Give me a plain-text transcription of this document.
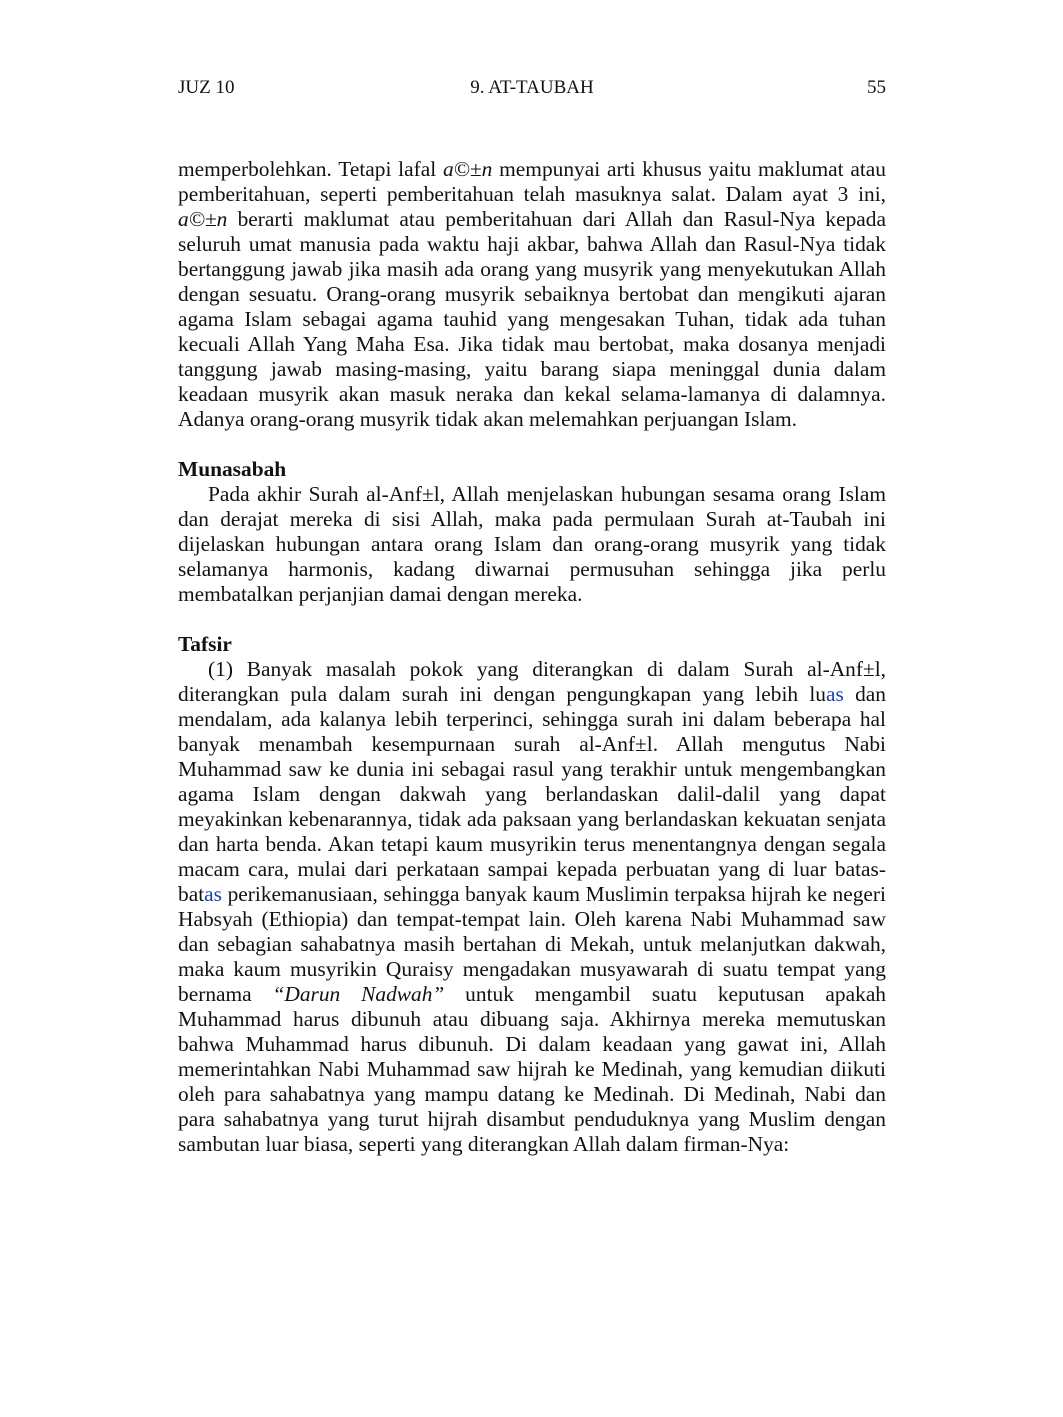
JUZ 10	9. AT-TAUBAH	55

memperbolehkan. Tetapi lafal a©±n mempunyai arti khusus yaitu maklumat atau pemberitahuan, seperti pemberitahuan telah masuknya salat. Dalam ayat 3 ini, a©±n berarti maklumat atau pemberitahuan dari Allah dan Rasul-Nya kepada seluruh umat manusia pada waktu haji akbar, bahwa Allah dan Rasul-Nya tidak bertanggung jawab jika masih ada orang yang musyrik yang menyekutukan Allah dengan sesuatu. Orang-orang musyrik sebaiknya bertobat dan mengikuti ajaran agama Islam sebagai agama tauhid yang mengesakan Tuhan, tidak ada tuhan kecuali Allah Yang Maha Esa. Jika tidak mau bertobat, maka dosanya menjadi tanggung jawab masing-masing, yaitu barang siapa meninggal dunia dalam keadaan musyrik akan masuk neraka dan kekal selama-lamanya di dalamnya. Adanya orang-orang musyrik tidak akan melemahkan perjuangan Islam.

Munasabah

Pada akhir Surah al-Anf±l, Allah menjelaskan hubungan sesama orang Islam dan derajat mereka di sisi Allah, maka pada permulaan Surah at-Taubah ini dijelaskan hubungan antara orang Islam dan orang-orang musyrik yang tidak selamanya harmonis, kadang diwarnai permusuhan sehingga jika perlu membatalkan perjanjian damai dengan mereka.

Tafsir

(1) Banyak masalah pokok yang diterangkan di dalam Surah al-Anf±l, diterangkan pula dalam surah ini dengan pengungkapan yang lebih luas dan mendalam, ada kalanya lebih terperinci, sehingga surah ini dalam beberapa hal banyak menambah kesempurnaan surah al-Anf±l. Allah mengutus Nabi Muhammad saw ke dunia ini sebagai rasul yang terakhir untuk mengembangkan agama Islam dengan dakwah yang berlandaskan dalil-dalil yang dapat meyakinkan kebenarannya, tidak ada paksaan yang berlandaskan kekuatan senjata dan harta benda. Akan tetapi kaum musyrikin terus menentangnya dengan segala macam cara, mulai dari perkataan sampai kepada perbuatan yang di luar batas-batas perikemanusiaan, sehingga banyak kaum Muslimin terpaksa hijrah ke negeri Habsyah (Ethiopia) dan tempat-tempat lain. Oleh karena Nabi Muhammad saw dan sebagian sahabatnya masih bertahan di Mekah, untuk melanjutkan dakwah, maka kaum musyrikin Quraisy mengadakan musyawarah di suatu tempat yang bernama “Darun Nadwah” untuk mengambil suatu keputusan apakah Muhammad harus dibunuh atau dibuang saja. Akhirnya mereka memutuskan bahwa Muhammad harus dibunuh. Di dalam keadaan yang gawat ini, Allah memerintahkan Nabi Muhammad saw hijrah ke Medinah, yang kemudian diikuti oleh para sahabatnya yang mampu datang ke Medinah. Di Medinah, Nabi dan para sahabatnya yang turut hijrah disambut penduduknya yang Muslim dengan sambutan luar biasa, seperti yang diterangkan Allah dalam firman-Nya:
